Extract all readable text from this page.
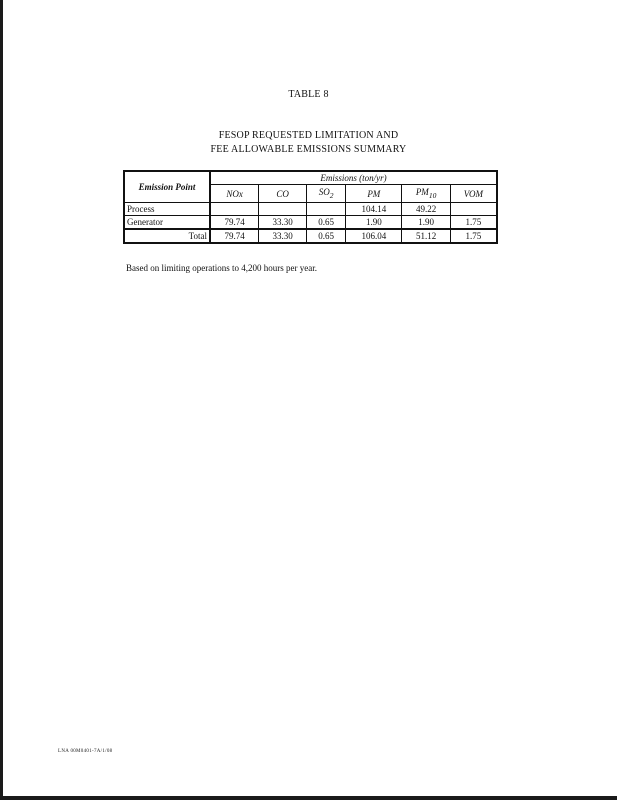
TABLE 8
FESOP REQUESTED LIMITATION AND
FEE ALLOWABLE EMISSIONS SUMMARY
Emission Point	Emissions (ton/yr)					
	NOx	CO	$SO_2$	PM	$PM_{10}$	VOM
Process				104.14	49.22	
Generator	79.74	33.30	0.65	1.90	1.90	1.75
Total	79.74	33.30	0.65	106.04	51.12	1.75
Based on limiting operations to 4,200 hours per year.
LNA 00M0401-7A/1/08
